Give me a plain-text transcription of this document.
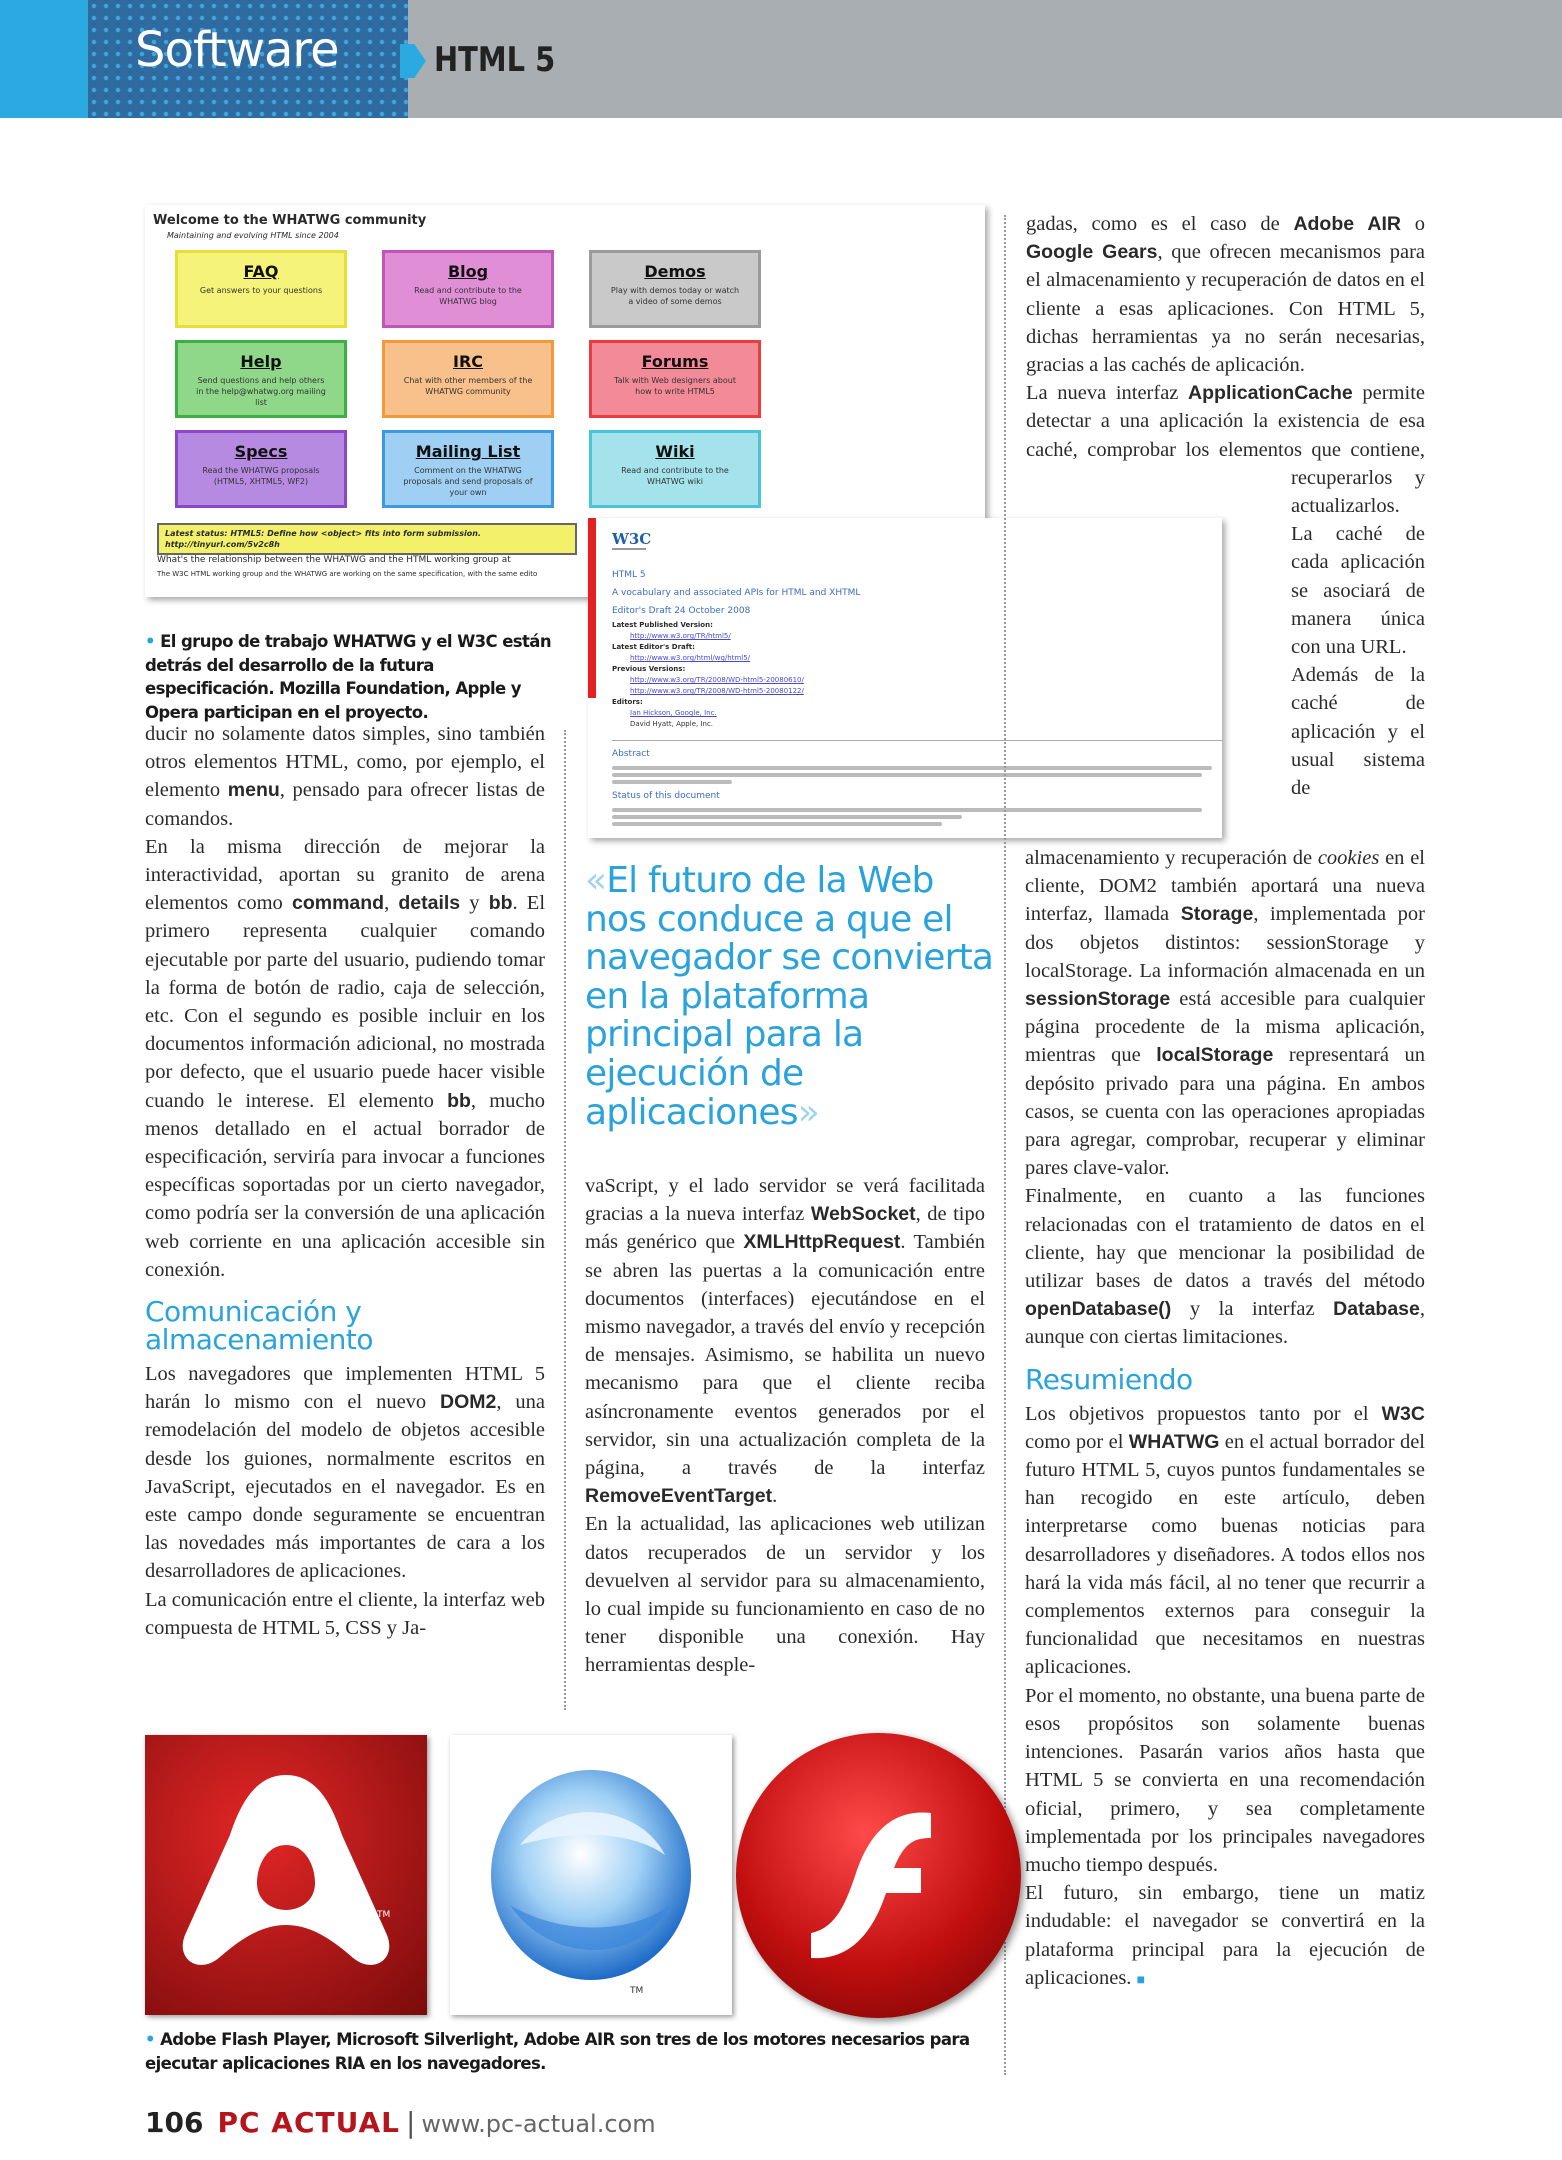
Software	HTML 5
Welcome to the WHATWG community
Maintaining and evolving HTML since 2004
FAQ
Get answers to your questions
Blog
Read and contribute to the WHATWG blog
Demos
Play with demos today or watch a video of some demos
Help
Send questions and help others in the help@whatwg.org mailing list
IRC
Chat with other members of the WHATWG community
Forums
Talk with Web designers about how to write HTML5
Specs
Read the WHATWG proposals (HTML5, XHTML5, WF2)
Mailing List
Comment on the WHATWG proposals and send proposals of your own
Wiki
Read and contribute to the WHATWG wiki
Latest status: HTML5: Define how <object> fits into form submission. http://tinyurl.com/5v2c8h
What's the relationship between the WHATWG and the HTML working group at
The W3C HTML working group and the WHATWG are working on the same specification, with the same edito
W3C
HTML 5
A vocabulary and associated APIs for HTML and XHTML
Editor's Draft 24 October 2008
Latest Published Version:
http://www.w3.org/TR/html5/
Latest Editor's Draft:
http://www.w3.org/html/wg/html5/
Previous Versions:
http://www.w3.org/TR/2008/WD-html5-20080610/
http://www.w3.org/TR/2008/WD-html5-20080122/
Editors:
Ian Hickson, Google, Inc.
David Hyatt, Apple, Inc.
Abstract
Status of this document
• El grupo de trabajo WHATWG y el W3C están detrás del desarrollo de la futura especificación. Mozilla Foundation, Apple y Opera participan en el proyecto.

ducir no solamente datos simples, sino también otros elementos HTML, como, por ejemplo, el elemento menu, pensado para ofrecer listas de comandos.

En la misma dirección de mejorar la interactividad, aportan su granito de arena elementos como command, details y bb. El primero representa cualquier comando ejecutable por parte del usuario, pudiendo tomar la forma de botón de radio, caja de selección, etc. Con el segundo es posible incluir en los documentos información adicional, no mostrada por defecto, que el usuario puede hacer visible cuando le interese. El elemento bb, mucho menos detallado en el actual borrador de especificación, serviría para invocar a funciones específicas soportadas por un cierto navegador, como podría ser la conversión de una aplicación web corriente en una aplicación accesible sin conexión.

Comunicación y almacenamiento

Los navegadores que implementen HTML 5 harán lo mismo con el nuevo DOM2, una remodelación del modelo de objetos accesible desde los guiones, normalmente escritos en JavaScript, ejecutados en el navegador. Es en este campo donde seguramente se encuentran las novedades más importantes de cara a los desarrolladores de aplicaciones.

La comunicación entre el cliente, la interfaz web compuesta de HTML 5, CSS y Ja-

«El futuro de la Web nos conduce a que el navegador se convierta en la plataforma principal para la ejecución de aplicaciones»

vaScript, y el lado servidor se verá facilitada gracias a la nueva interfaz WebSocket, de tipo más genérico que XMLHttpRequest. También se abren las puertas a la comunicación entre documentos (interfaces) ejecutándose en el mismo navegador, a través del envío y recepción de mensajes. Asimismo, se habilita un nuevo mecanismo para que el cliente reciba asíncronamente eventos generados por el servidor, sin una actualización completa de la página, a través de la interfaz RemoveEventTarget.

En la actualidad, las aplicaciones web utilizan datos recuperados de un servidor y los devuelven al servidor para su almacenamiento, lo cual impide su funcionamiento en caso de no tener disponible una conexión. Hay herramientas desple-

gadas, como es el caso de Adobe AIR o Google Gears, que ofrecen mecanismos para el almacenamiento y recuperación de datos en el cliente a esas aplicaciones. Con HTML 5, dichas herramientas ya no serán necesarias, gracias a las cachés de aplicación.

La nueva interfaz ApplicationCache permite detectar a una aplicación la existencia de esa caché, comprobar los elementos que contiene, recuperarlos y actualizarlos. La caché de cada aplicación se asociará de manera única con una URL.

Además de la caché de aplicación y el usual sistema de almacenamiento y recuperación de cookies en el cliente, DOM2 también aportará una nueva interfaz, llamada Storage, implementada por dos objetos distintos: sessionStorage y localStorage. La información almacenada en un sessionStorage está accesible para cualquier página procedente de la misma aplicación, mientras que localStorage representará un depósito privado para una página. En ambos casos, se cuenta con las operaciones apropiadas para agregar, comprobar, recuperar y eliminar pares clave-valor.

Finalmente, en cuanto a las funciones relacionadas con el tratamiento de datos en el cliente, hay que mencionar la posibilidad de utilizar bases de datos a través del método openDatabase() y la interfaz Database, aunque con ciertas limitaciones.

Resumiendo

Los objetivos propuestos tanto por el W3C como por el WHATWG en el actual borrador del futuro HTML 5, cuyos puntos fundamentales se han recogido en este artículo, deben interpretarse como buenas noticias para desarrolladores y diseñadores. A todos ellos nos hará la vida más fácil, al no tener que recurrir a complementos externos para conseguir la funcionalidad que necesitamos en nuestras aplicaciones.

Por el momento, no obstante, una buena parte de esos propósitos son solamente buenas intenciones. Pasarán varios años hasta que HTML 5 se convierta en una recomendación oficial, primero, y sea completamente implementada por los principales navegadores mucho tiempo después.

El futuro, sin embargo, tiene un matiz indudable: el navegador se convertirá en la plataforma principal para la ejecución de aplicaciones. ■

TM
TM
• Adobe Flash Player, Microsoft Silverlight, Adobe AIR son tres de los motores necesarios para ejecutar aplicaciones RIA en los navegadores.
106 PC ACTUAL | www.pc-actual.com
